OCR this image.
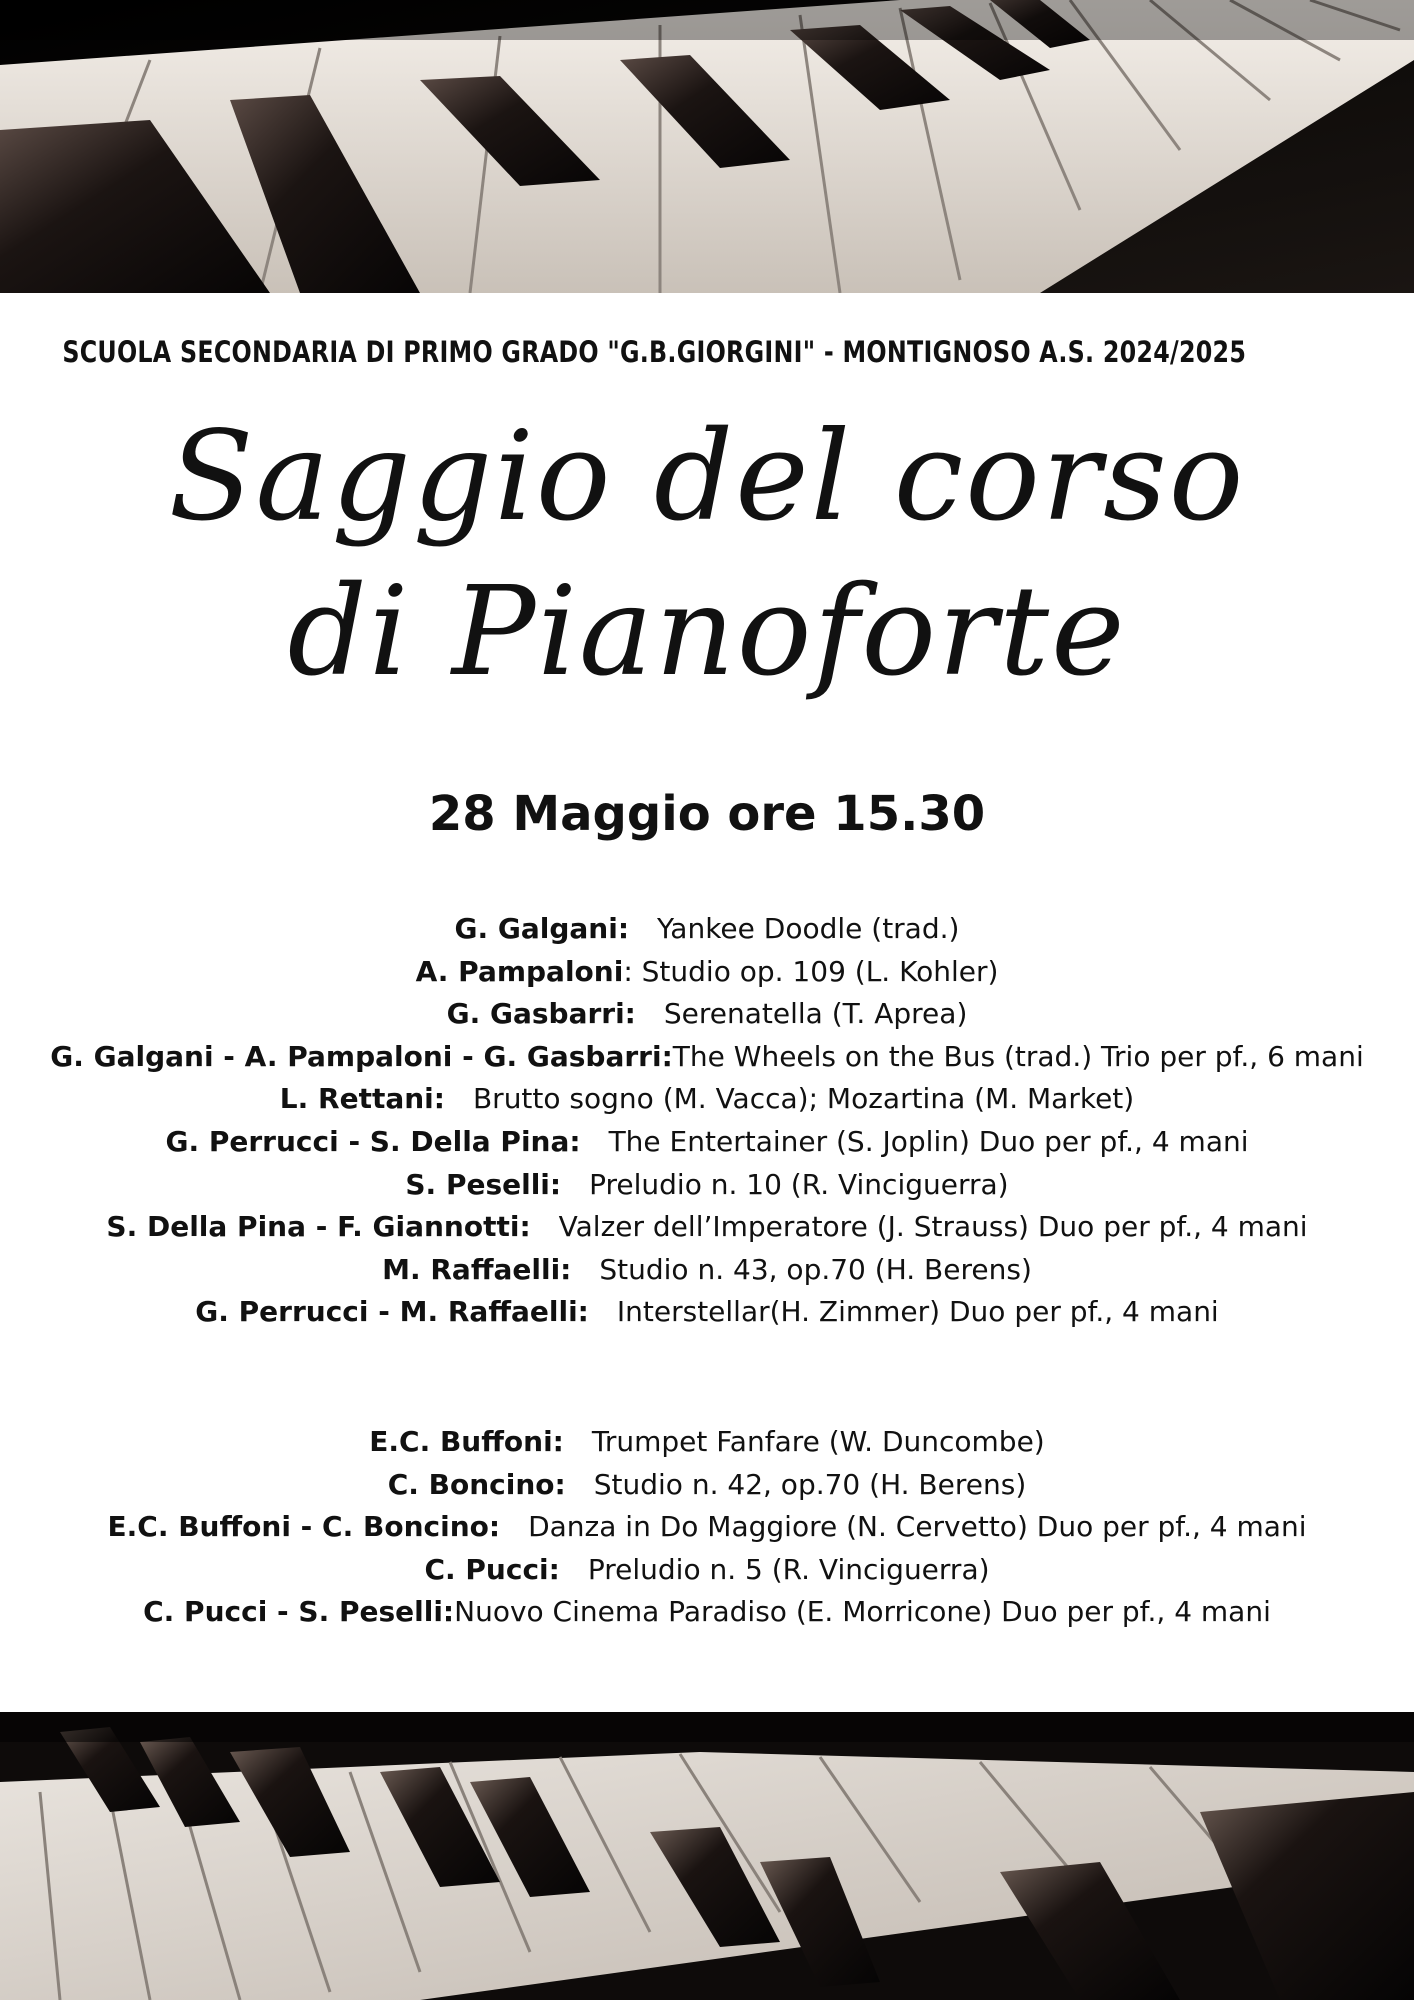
SCUOLA SECONDARIA DI PRIMO GRADO "G.B.GIORGINI" - MONTIGNOSO A.S. 2024/2025
Saggio del corso
di Pianoforte
28 Maggio ore 15.30
G. Galgani: Yankee Doodle (trad.)
A. Pampaloni: Studio op. 109 (L. Kohler)
G. Gasbarri: Serenatella (T. Aprea)
G. Galgani - A. Pampaloni - G. Gasbarri:The Wheels on the Bus (trad.) Trio per pf., 6 mani
L. Rettani: Brutto sogno (M. Vacca); Mozartina (M. Market)
G. Perrucci - S. Della Pina: The Entertainer (S. Joplin) Duo per pf., 4 mani
S. Peselli: Preludio n. 10 (R. Vinciguerra)
S. Della Pina - F. Giannotti: Valzer dell’Imperatore (J. Strauss) Duo per pf., 4 mani
M. Raffaelli: Studio n. 43, op.70 (H. Berens)
G. Perrucci - M. Raffaelli: Interstellar(H. Zimmer) Duo per pf., 4 mani
E.C. Buffoni: Trumpet Fanfare (W. Duncombe)
C. Boncino: Studio n. 42, op.70 (H. Berens)
E.C. Buffoni - C. Boncino: Danza in Do Maggiore (N. Cervetto) Duo per pf., 4 mani
C. Pucci: Preludio n. 5 (R. Vinciguerra)
C. Pucci - S. Peselli:Nuovo Cinema Paradiso (E. Morricone) Duo per pf., 4 mani
